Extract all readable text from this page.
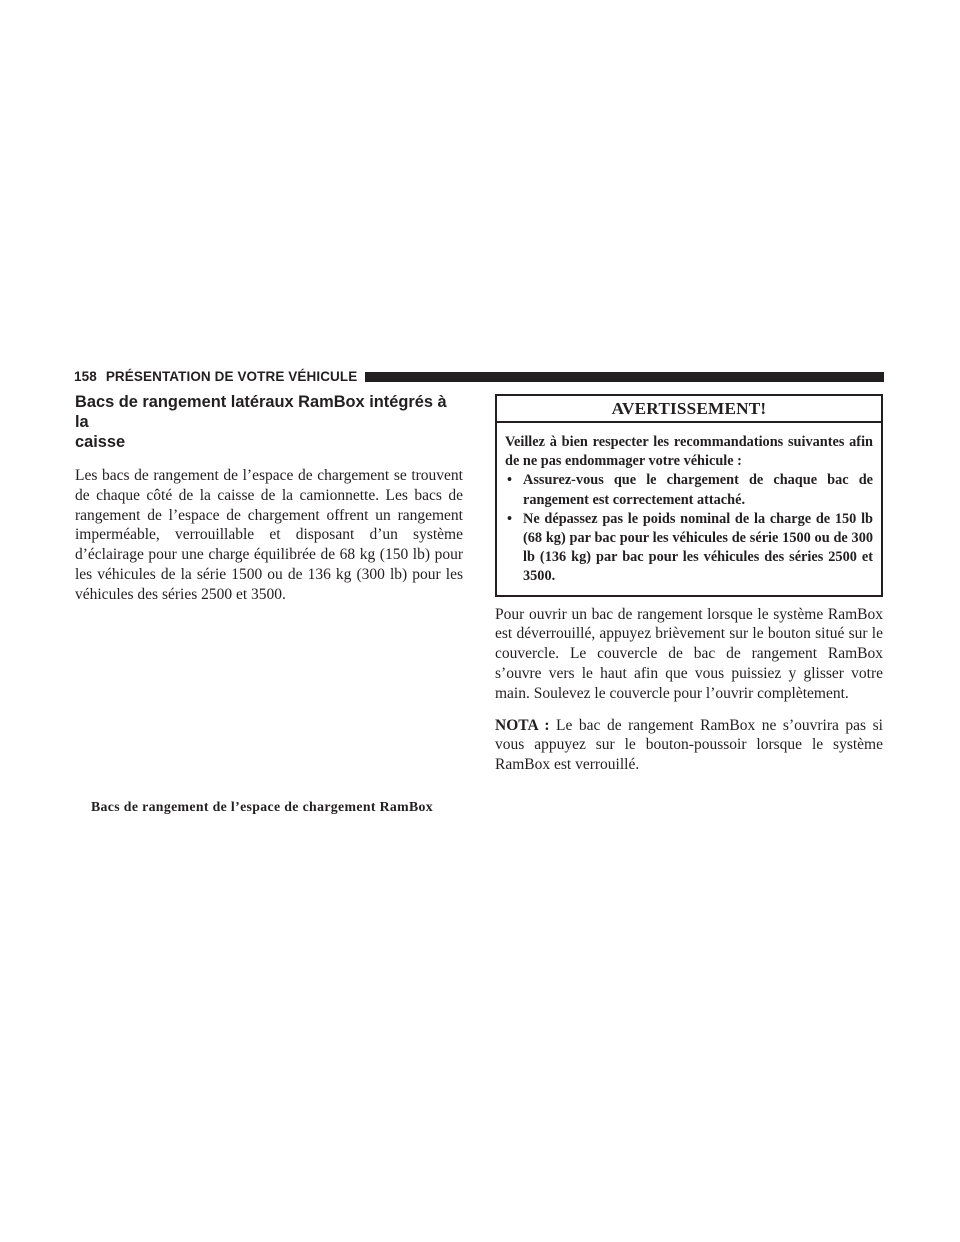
158 PRÉSENTATION DE VOTRE VÉHICULE
Bacs de rangement latéraux RamBox intégrés à la
caisse

Les bacs de rangement de l’espace de chargement se trouvent de chaque côté de la caisse de la camionnette. Les bacs de rangement de l’espace de chargement offrent un rangement imperméable, verrouillable et disposant d’un système d’éclairage pour une charge équilibrée de 68 kg (150 lb) pour les véhicules de la série 1500 ou de 136 kg (300 lb) pour les véhicules des séries 2500 et 3500.

Bacs de rangement de l’espace de chargement RamBox
AVERTISSEMENT!

Veillez à bien respecter les recommandations suivantes afin de ne pas endommager votre véhicule :

• Assurez-vous que le chargement de chaque bac de rangement est correctement attaché.
• Ne dépassez pas le poids nominal de la charge de 150 lb (68 kg) par bac pour les véhicules de série 1500 ou de 300 lb (136 kg) par bac pour les véhicules des séries 2500 et 3500.

Pour ouvrir un bac de rangement lorsque le système RamBox est déverrouillé, appuyez brièvement sur le bouton situé sur le couvercle. Le couvercle de bac de rangement RamBox s’ouvre vers le haut afin que vous puissiez y glisser votre main. Soulevez le couvercle pour l’ouvrir complètement.

NOTA : Le bac de rangement RamBox ne s’ouvrira pas si vous appuyez sur le bouton-poussoir lorsque le système RamBox est verrouillé.
